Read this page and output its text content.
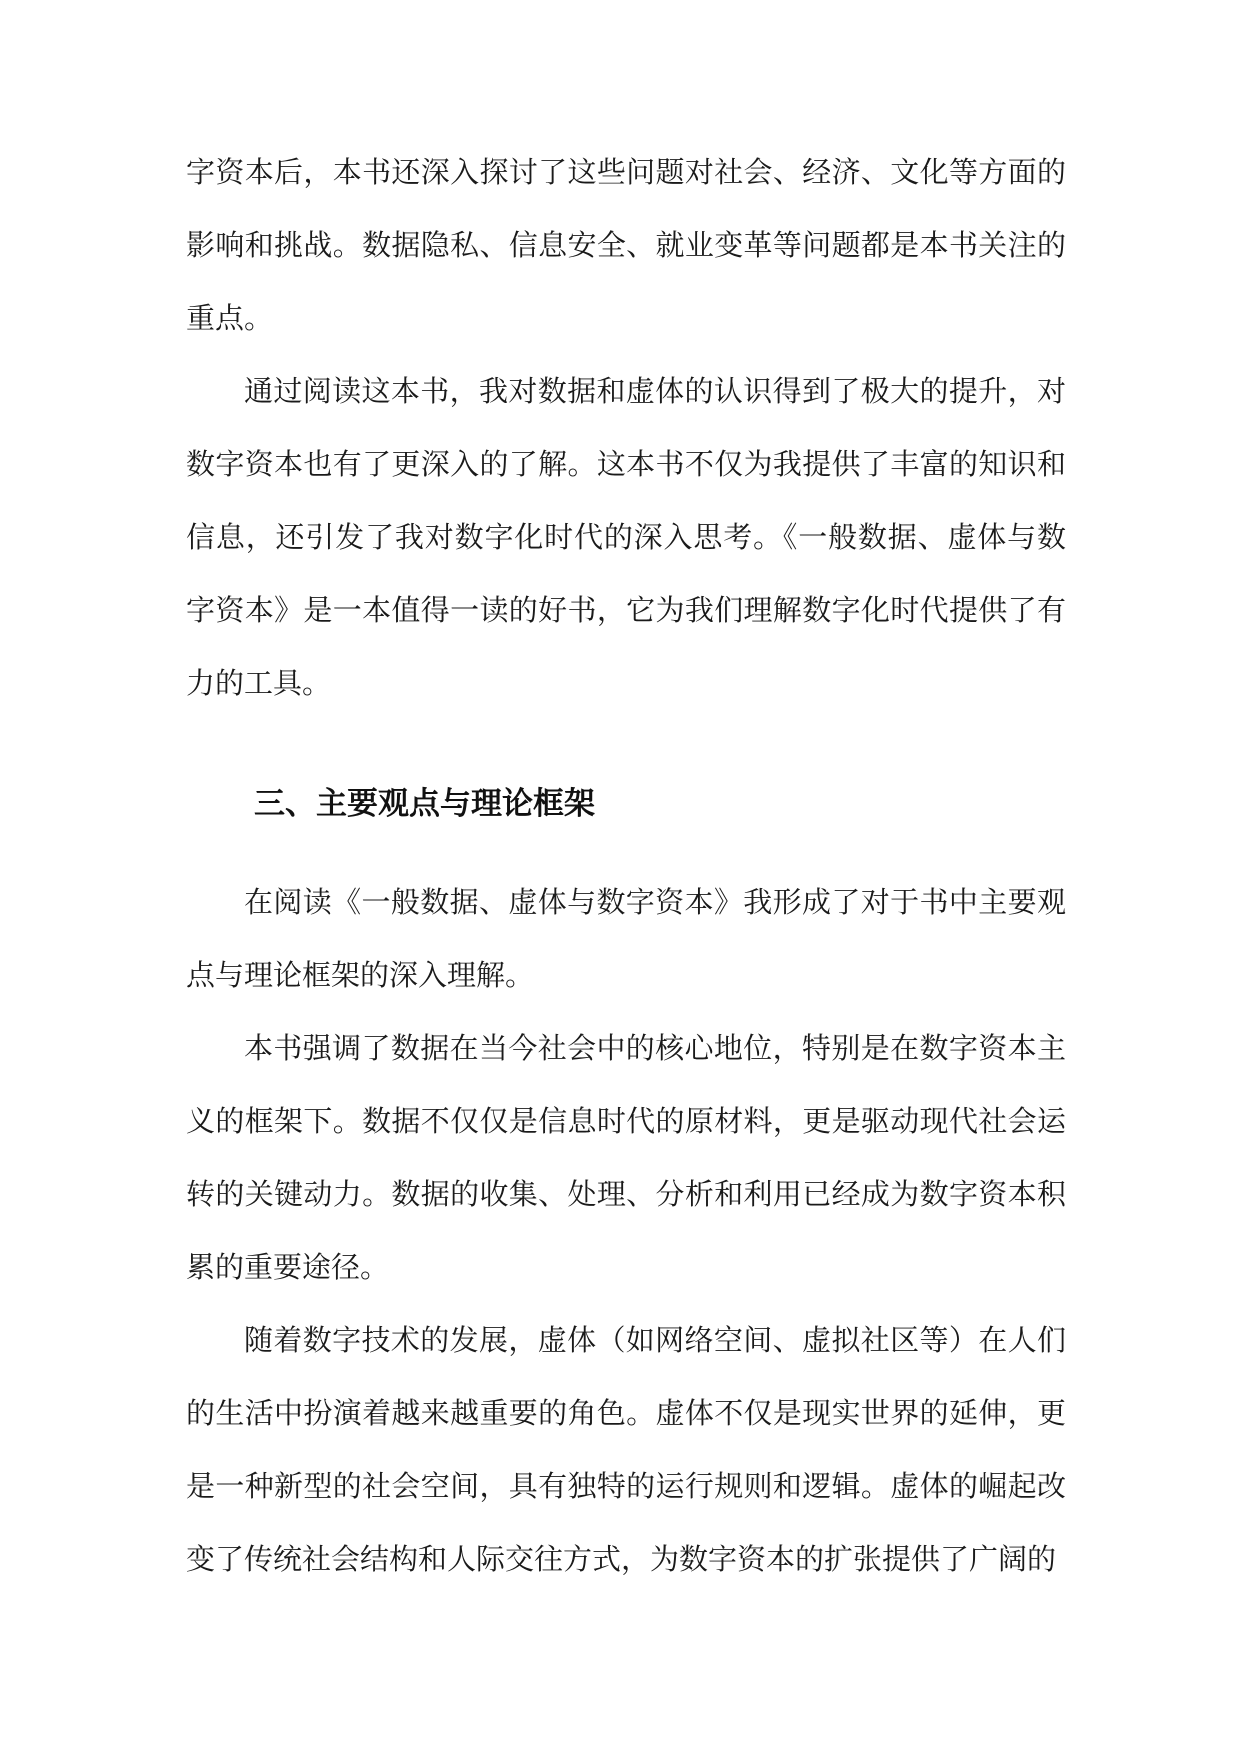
字资本后，本书还深入探讨了这些问题对社会、经济、文化等方面的影响和挑战。数据隐私、信息安全、就业变革等问题都是本书关注的重点。

通过阅读这本书，我对数据和虚体的认识得到了极大的提升，对数字资本也有了更深入的了解。这本书不仅为我提供了丰富的知识和信息，还引发了我对数字化时代的深入思考。《一般数据、虚体与数字资本》是一本值得一读的好书，它为我们理解数字化时代提供了有力的工具。

三、主要观点与理论框架

在阅读《一般数据、虚体与数字资本》我形成了对于书中主要观点与理论框架的深入理解。

本书强调了数据在当今社会中的核心地位，特别是在数字资本主义的框架下。数据不仅仅是信息时代的原材料，更是驱动现代社会运转的关键动力。数据的收集、处理、分析和利用已经成为数字资本积累的重要途径。

随着数字技术的发展，虚体（如网络空间、虚拟社区等）在人们的生活中扮演着越来越重要的角色。虚体不仅是现实世界的延伸，更是一种新型的社会空间，具有独特的运行规则和逻辑。虚体的崛起改变了传统社会结构和人际交往方式，为数字资本的扩张提供了广阔的
